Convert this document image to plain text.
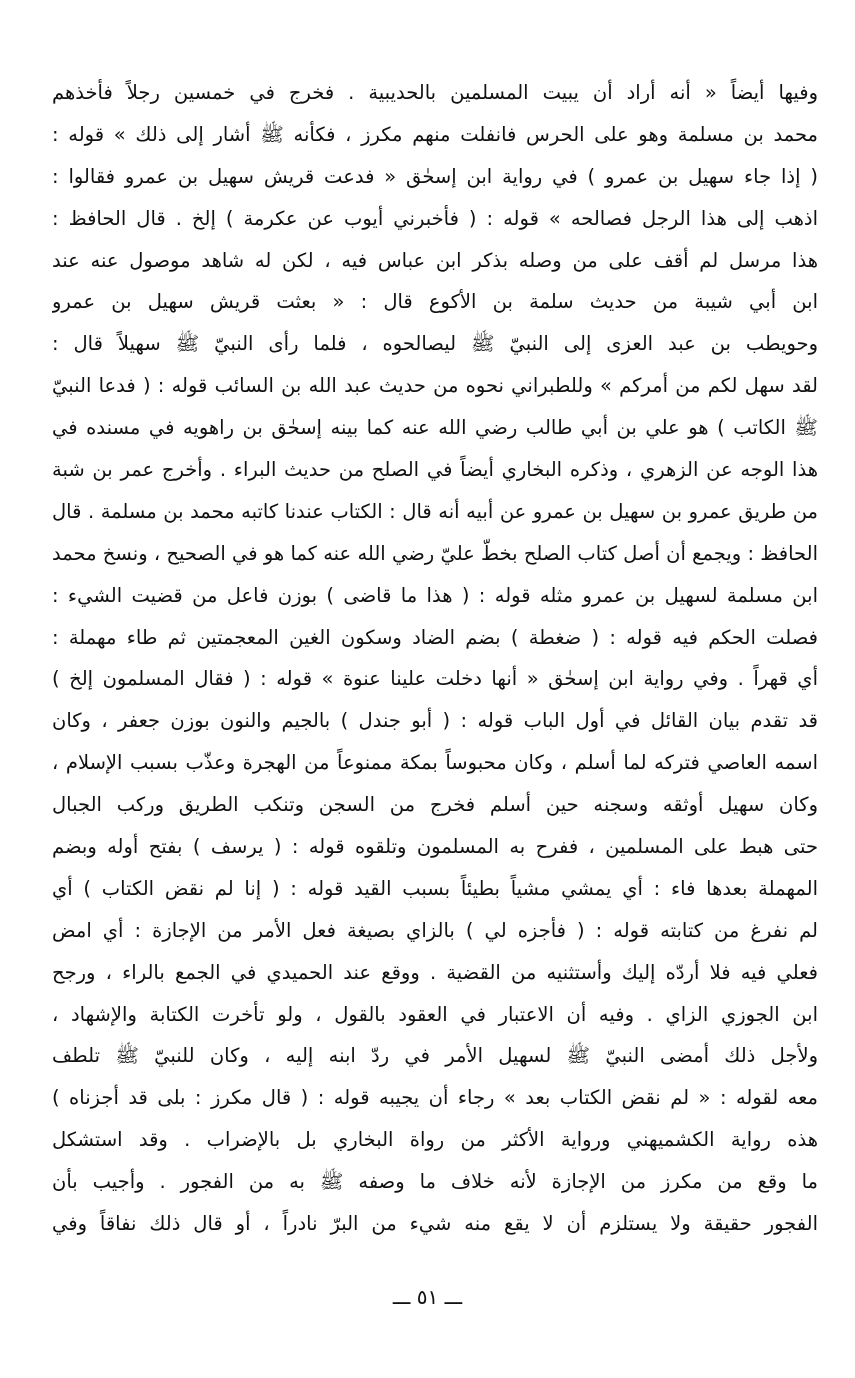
وفيها أيضاً « أنه أراد أن يبيت المسلمين بالحديبية . فخرج في خمسين رجلاً فأخذهم
محمد بن مسلمة وهو على الحرس فانفلت منهم مكرز ، فكأنه ﷺ أشار إلى ذلك » قوله :
( إذا جاء سهيل بن عمرو ) في رواية ابن إسحٰق « فدعت قريش سهيل بن عمرو فقالوا :
اذهب إلى هذا الرجل فصالحه » قوله : ( فأخبرني أيوب عن عكرمة ) إلخ . قال الحافظ :
هذا مرسل لم أقف على من وصله بذكر ابن عباس فيه ، لكن له شاهد موصول عنه عند
ابن أبي شيبة من حديث سلمة بن الأكوع قال : « بعثت قريش سهيل بن عمرو
وحويطب بن عبد العزى إلى النبيّ ﷺ ليصالحوه ، فلما رأى النبيّ ﷺ سهيلاً قال :
لقد سهل لكم من أمركم » وللطبراني نحوه من حديث عبد الله بن السائب قوله : ( فدعا النبيّ
ﷺ الكاتب ) هو علي بن أبي طالب رضي الله عنه كما بينه إسحٰق بن راهويه في مسنده في
هذا الوجه عن الزهري ، وذكره البخاري أيضاً في الصلح من حديث البراء . وأخرج عمر بن شبة
من طريق عمرو بن سهيل بن عمرو عن أبيه أنه قال : الكتاب عندنا كاتبه محمد بن مسلمة . قال
الحافظ : ويجمع أن أصل كتاب الصلح بخطّ عليّ رضي الله عنه كما هو في الصحيح ، ونسخ محمد
ابن مسلمة لسهيل بن عمرو مثله قوله : ( هذا ما قاضى ) بوزن فاعل من قضيت الشيء :
فصلت الحكم فيه قوله : ( ضغطة ) بضم الضاد وسكون الغين المعجمتين ثم طاء مهملة :
أي قهراً . وفي رواية ابن إسحٰق « أنها دخلت علينا عنوة » قوله : ( فقال المسلمون إلخ )
قد تقدم بيان القائل في أول الباب قوله : ( أبو جندل ) بالجيم والنون بوزن جعفر ، وكان
اسمه العاصي فتركه لما أسلم ، وكان محبوساً بمكة ممنوعاً من الهجرة وعذّب بسبب الإسلام ،
وكان سهيل أوثقه وسجنه حين أسلم فخرج من السجن وتنكب الطريق وركب الجبال
حتى هبط على المسلمين ، ففرح به المسلمون وتلقوه قوله : ( يرسف ) بفتح أوله وبضم
المهملة بعدها فاء : أي يمشي مشياً بطيئاً بسبب القيد قوله : ( إنا لم نقض الكتاب ) أي
لم نفرغ من كتابته قوله : ( فأجزه لي ) بالزاي بصيغة فعل الأمر من الإجازة : أي امض
فعلي فيه فلا أردّه إليك وأستثنيه من القضية . ووقع عند الحميدي في الجمع بالراء ، ورجح
ابن الجوزي الزاي . وفيه أن الاعتبار في العقود بالقول ، ولو تأخرت الكتابة والإشهاد ،
ولأجل ذلك أمضى النبيّ ﷺ لسهيل الأمر في ردّ ابنه إليه ، وكان للنبيّ ﷺ تلطف
معه لقوله : « لم نقض الكتاب بعد » رجاء أن يجيبه قوله : ( قال مكرز : بلى قد أجزناه )
هذه رواية الكشميهني ورواية الأكثر من رواة البخاري بل بالإضراب . وقد استشكل
ما وقع من مكرز من الإجازة لأنه خلاف ما وصفه ﷺ به من الفجور . وأجيب بأن
الفجور حقيقة ولا يستلزم أن لا يقع منه شيء من البرّ نادراً ، أو قال ذلك نفاقاً وفي
ـــ ٥١ ـــ
